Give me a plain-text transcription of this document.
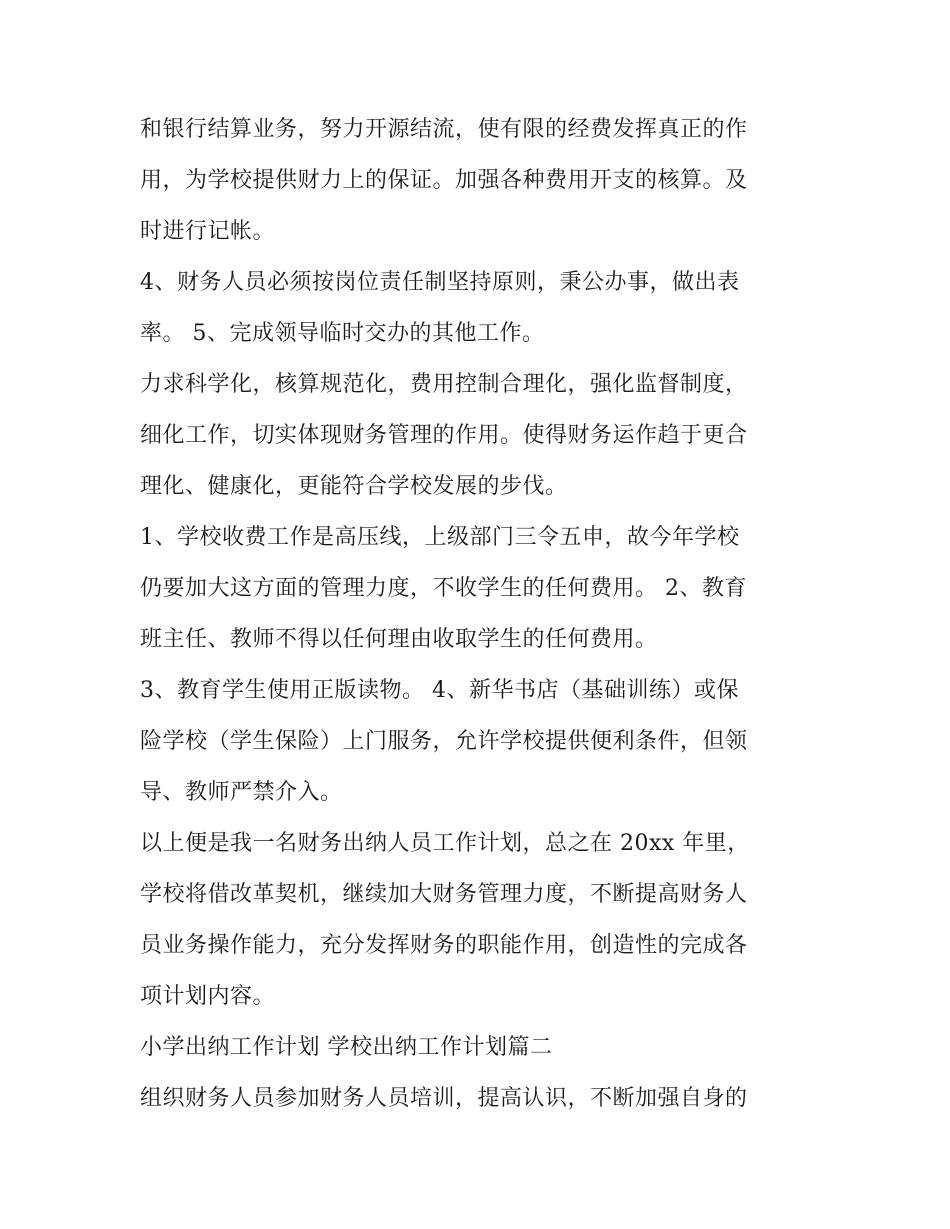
和银行结算业务，努力开源结流，使有限的经费发挥真正的作
用，为学校提供财力上的保证。加强各种费用开支的核算。及
时进行记帐。
4、财务人员必须按岗位责任制坚持原则，秉公办事，做出表
率。 5、完成领导临时交办的其他工作。
力求科学化，核算规范化，费用控制合理化，强化监督制度，
细化工作，切实体现财务管理的作用。使得财务运作趋于更合
理化、健康化，更能符合学校发展的步伐。
1、学校收费工作是高压线，上级部门三令五申，故今年学校
仍要加大这方面的管理力度，不收学生的任何费用。 2、教育
班主任、教师不得以任何理由收取学生的任何费用。
3、教育学生使用正版读物。 4、新华书店（基础训练）或保
险学校（学生保险）上门服务，允许学校提供便利条件，但领
导、教师严禁介入。
以上便是我一名财务出纳人员工作计划，总之在 20xx 年里，
学校将借改革契机，继续加大财务管理力度，不断提高财务人
员业务操作能力，充分发挥财务的职能作用，创造性的完成各
项计划内容。
小学出纳工作计划 学校出纳工作计划篇二
组织财务人员参加财务人员培训，提高认识，不断加强自身的
